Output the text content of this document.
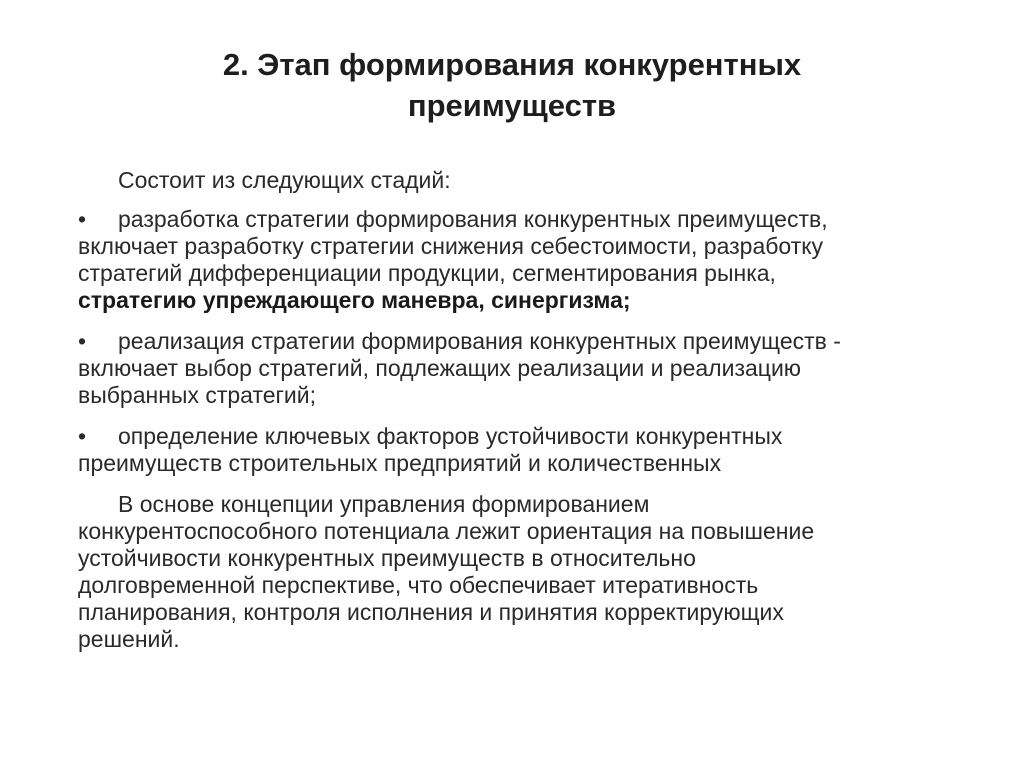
2. Этап формирования конкурентных
преимуществ

Состоит из следующих стадий:

•	разработка стратегии формирования конкурентных преимуществ,
включает разработку стратегии снижения себестоимости, разработку
стратегий дифференциации продукции, сегментирования рынка,
стратегию упреждающего маневра, синергизма;
•	реализация стратегии формирования конкурентных преимуществ -
включает выбор стратегий, подлежащих реализации и реализацию
выбранных стратегий;
•	определение ключевых факторов устойчивости конкурентных
преимуществ строительных предприятий и количественных
В основе концепции управления формированием
конкурентоспособного потенциала лежит ориентация на повышение
устойчивости конкурентных преимуществ в относительно
долговременной перспективе, что обеспечивает итеративность
планирования, контроля исполнения и принятия корректирующих
решений.
